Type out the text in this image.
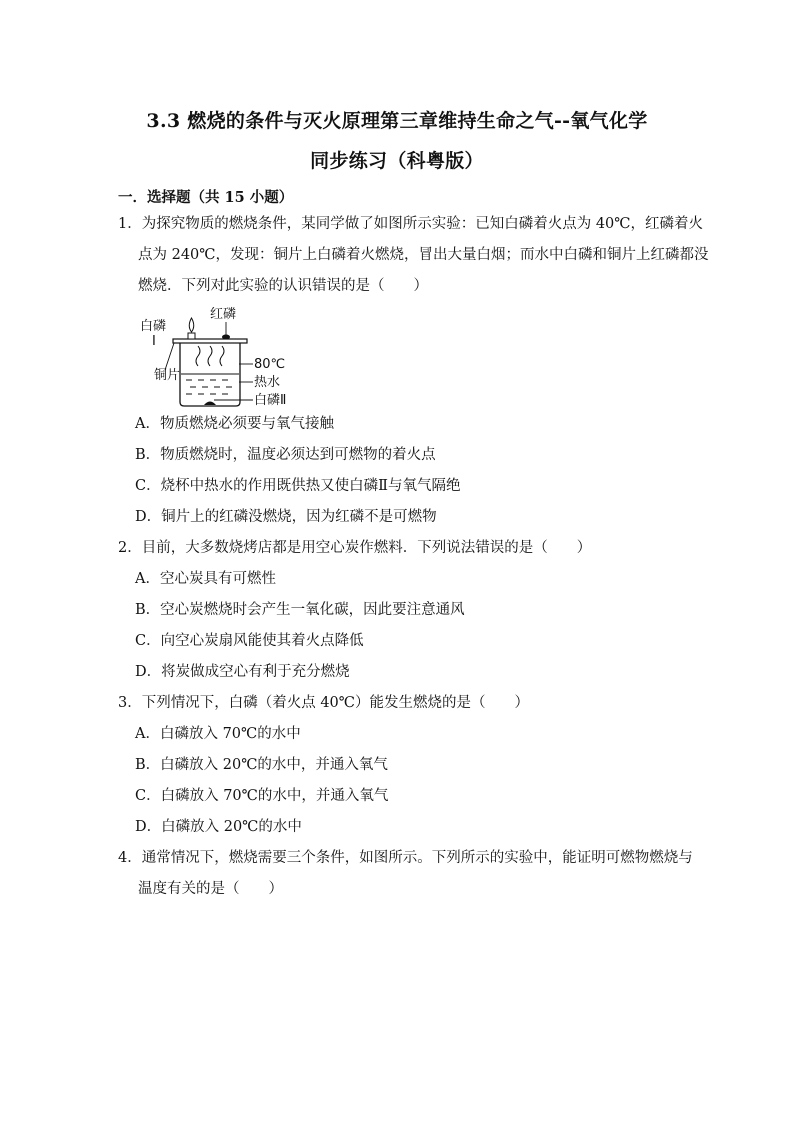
3.3 燃烧的条件与灭火原理第三章维持生命之气--氧气化学
同步练习（科粤版）
一．选择题（共 15 小题）
1．为探究物质的燃烧条件，某同学做了如图所示实验：已知白磷着火点为 40℃，红磷着火
点为 240℃，发现：铜片上白磷着火燃烧，冒出大量白烟；而水中白磷和铜片上红磷都没
燃烧．下列对此实验的认识错误的是（　　）
白磷
Ⅰ
红磷
80℃
铜片	热水
白磷Ⅱ
A．物质燃烧必须要与氧气接触
B．物质燃烧时，温度必须达到可燃物的着火点
C．烧杯中热水的作用既供热又使白磷Ⅱ与氧气隔绝
D．铜片上的红磷没燃烧，因为红磷不是可燃物
2．目前，大多数烧烤店都是用空心炭作燃料．下列说法错误的是（　　）
A．空心炭具有可燃性
B．空心炭燃烧时会产生一氧化碳，因此要注意通风
C．向空心炭扇风能使其着火点降低
D．将炭做成空心有利于充分燃烧
3．下列情况下，白磷（着火点 40℃）能发生燃烧的是（　　）
A．白磷放入 70℃的水中
B．白磷放入 20℃的水中，并通入氧气
C．白磷放入 70℃的水中，并通入氧气
D．白磷放入 20℃的水中
4．通常情况下，燃烧需要三个条件，如图所示。下列所示的实验中，能证明可燃物燃烧与
温度有关的是（　　）
